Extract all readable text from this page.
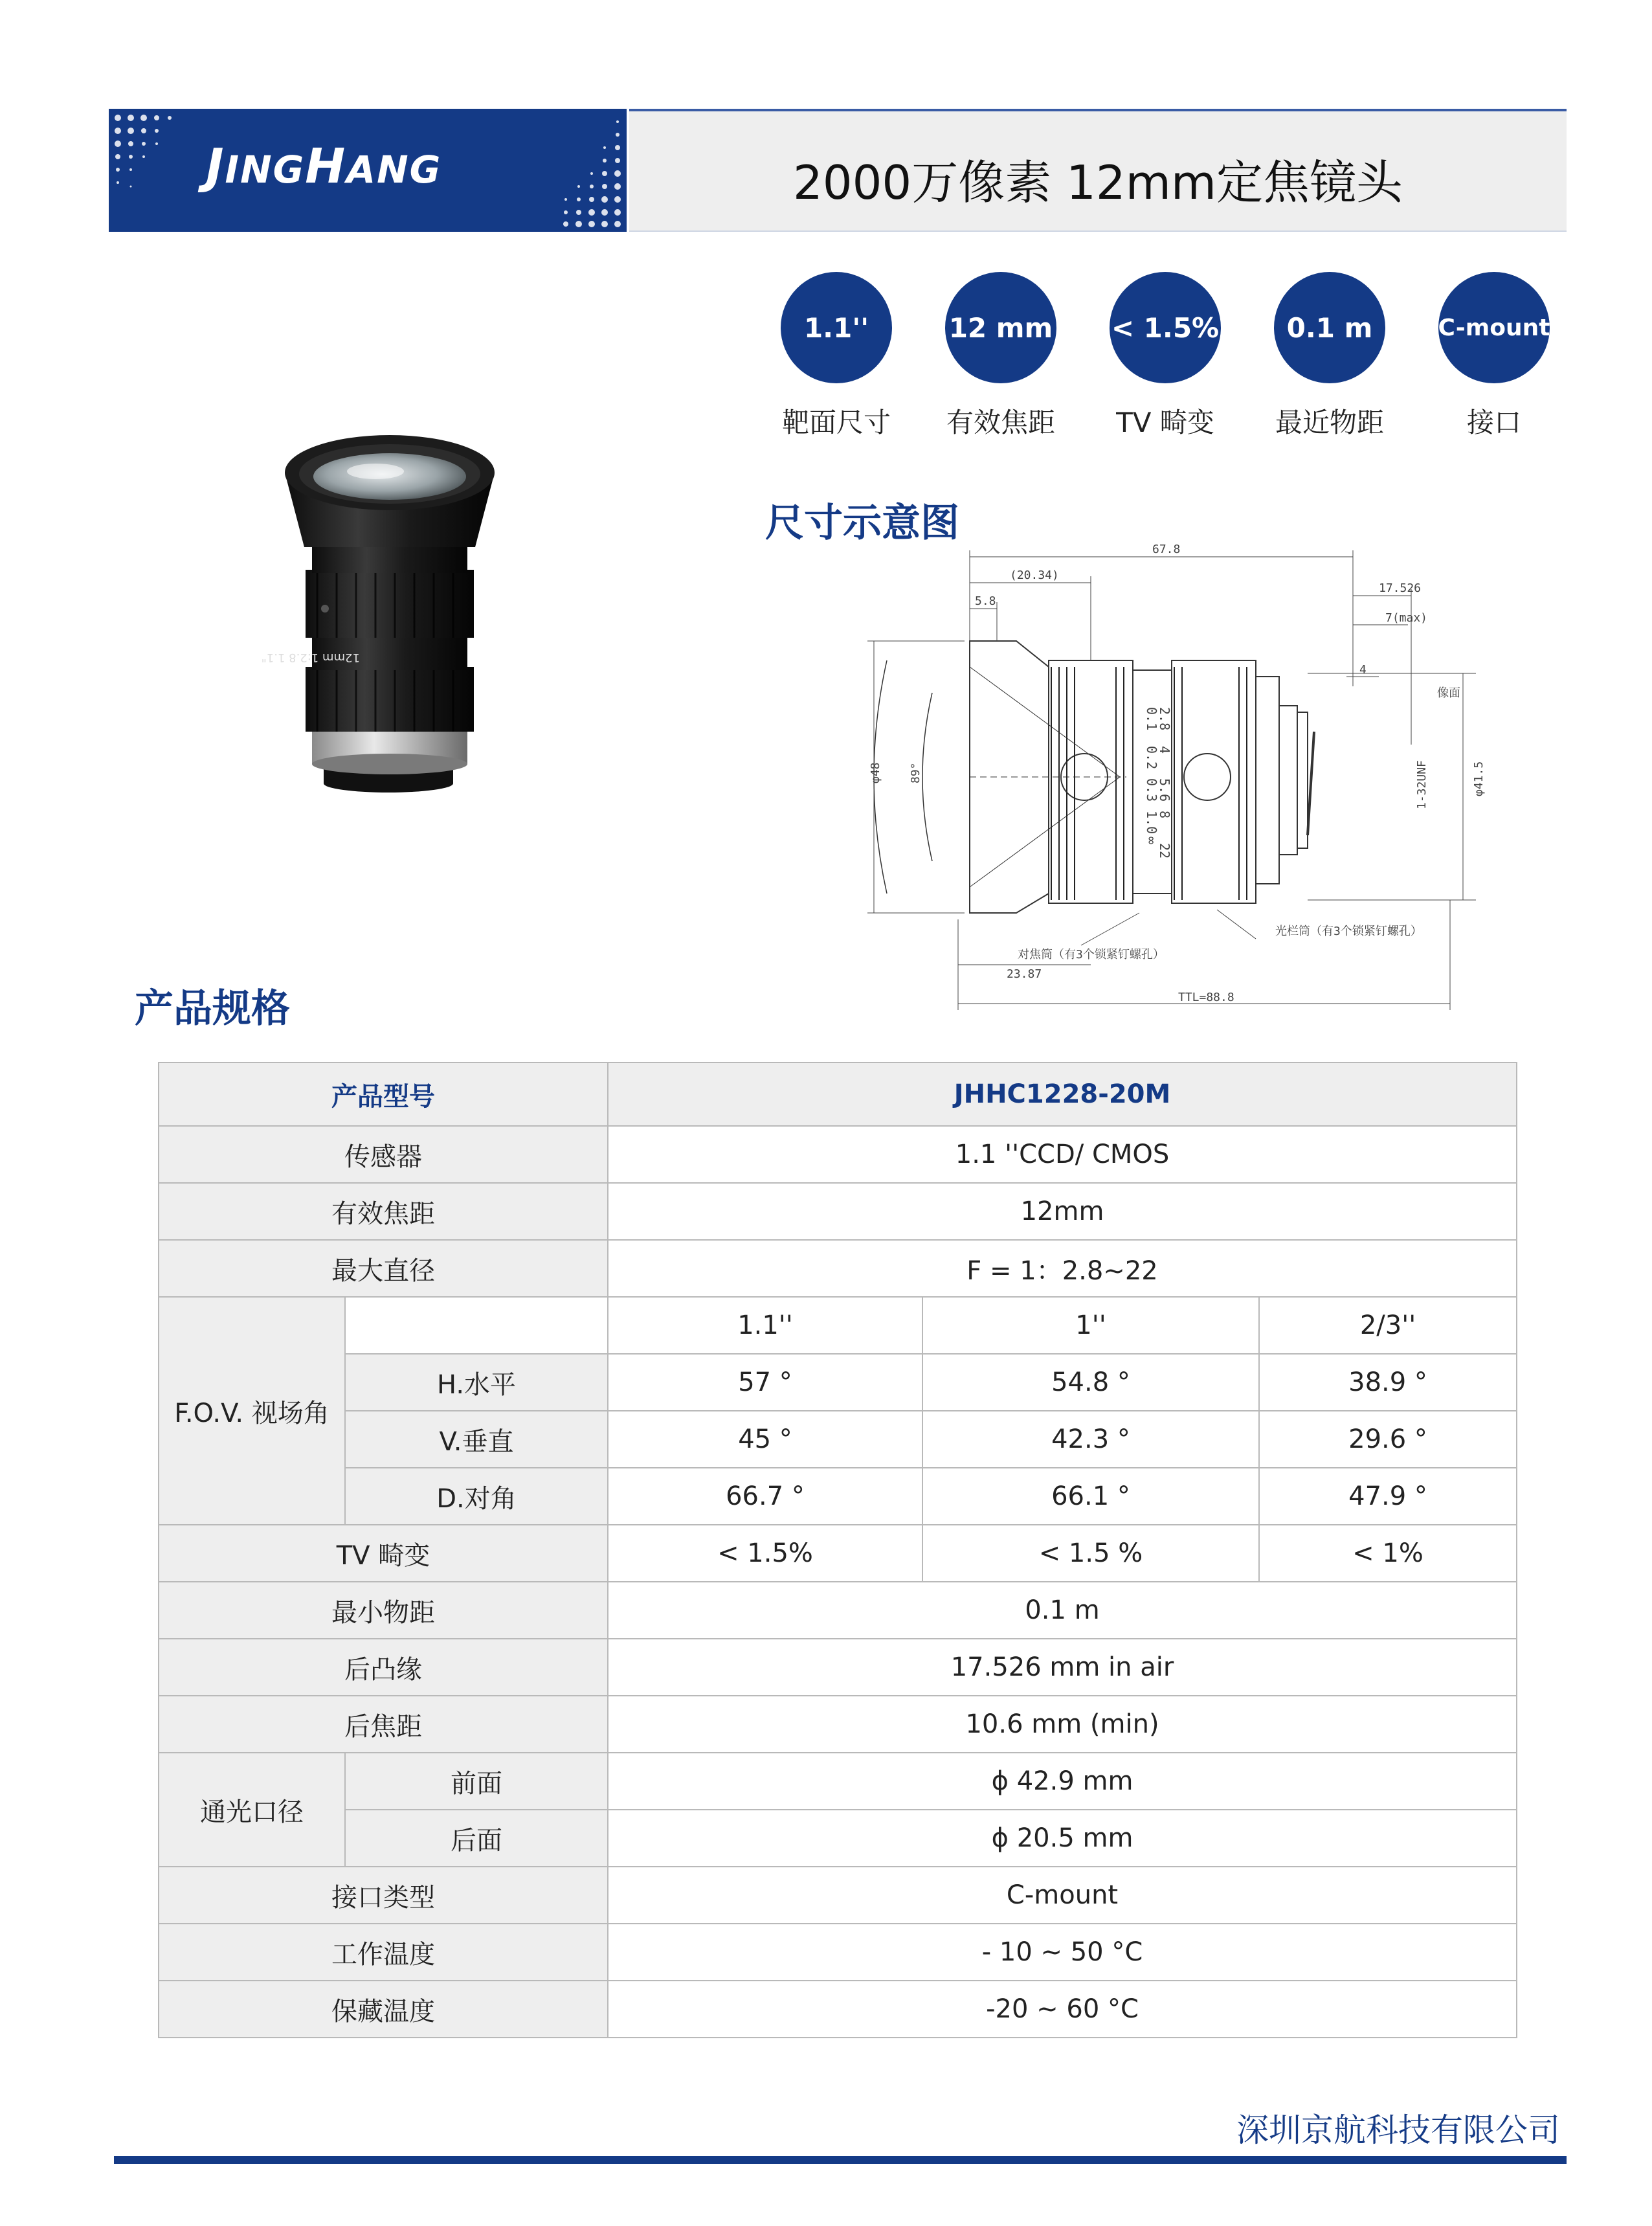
JINGHANG	2000万像素 12mm定焦镜头
1.1''	12 mm < 1.5%	0.1 m	C-mount
靶面尺寸	有效焦距	TV 畸变	最近物距	接口
12mm 1:2.8 1.1"
尺寸示意图
67.8
(20.34)
5.8
17.526
7(max)
4
φ48 89°	1-32UNF	φ41.5
像面
对焦筒（有3个锁紧钉螺孔）
光栏筒（有3个锁紧钉螺孔）
23.87
TTL=88.8
0.1
0.2
0.3
1.0
∞
2.8
4
5.6
8
22
产品规格
产品型号		JHHC1228-20M		
传感器		1.1 ''CCD/ CMOS		
有效焦距		12mm		
最大直径		F = 1：2.8~22		
F.O.V. 视场角		1.1''	1''	2/3''
	H.水平	57 °	54.8 °	38.9 °
	V.垂直	45 °	42.3 °	29.6 °
	D.对角	66.7 °	66.1 °	47.9 °
TV 畸变		< 1.5%	< 1.5 %	< 1%
最小物距		0.1 m		
后凸缘		17.526 mm in air		
后焦距		10.6 mm (min)		
通光口径	前面	ϕ 42.9 mm		
	后面	ϕ 20.5 mm		
接口类型		C-mount		
工作温度		- 10 ~ 50 °C		
保藏温度		-20 ~ 60 °C		
深圳京航科技有限公司
